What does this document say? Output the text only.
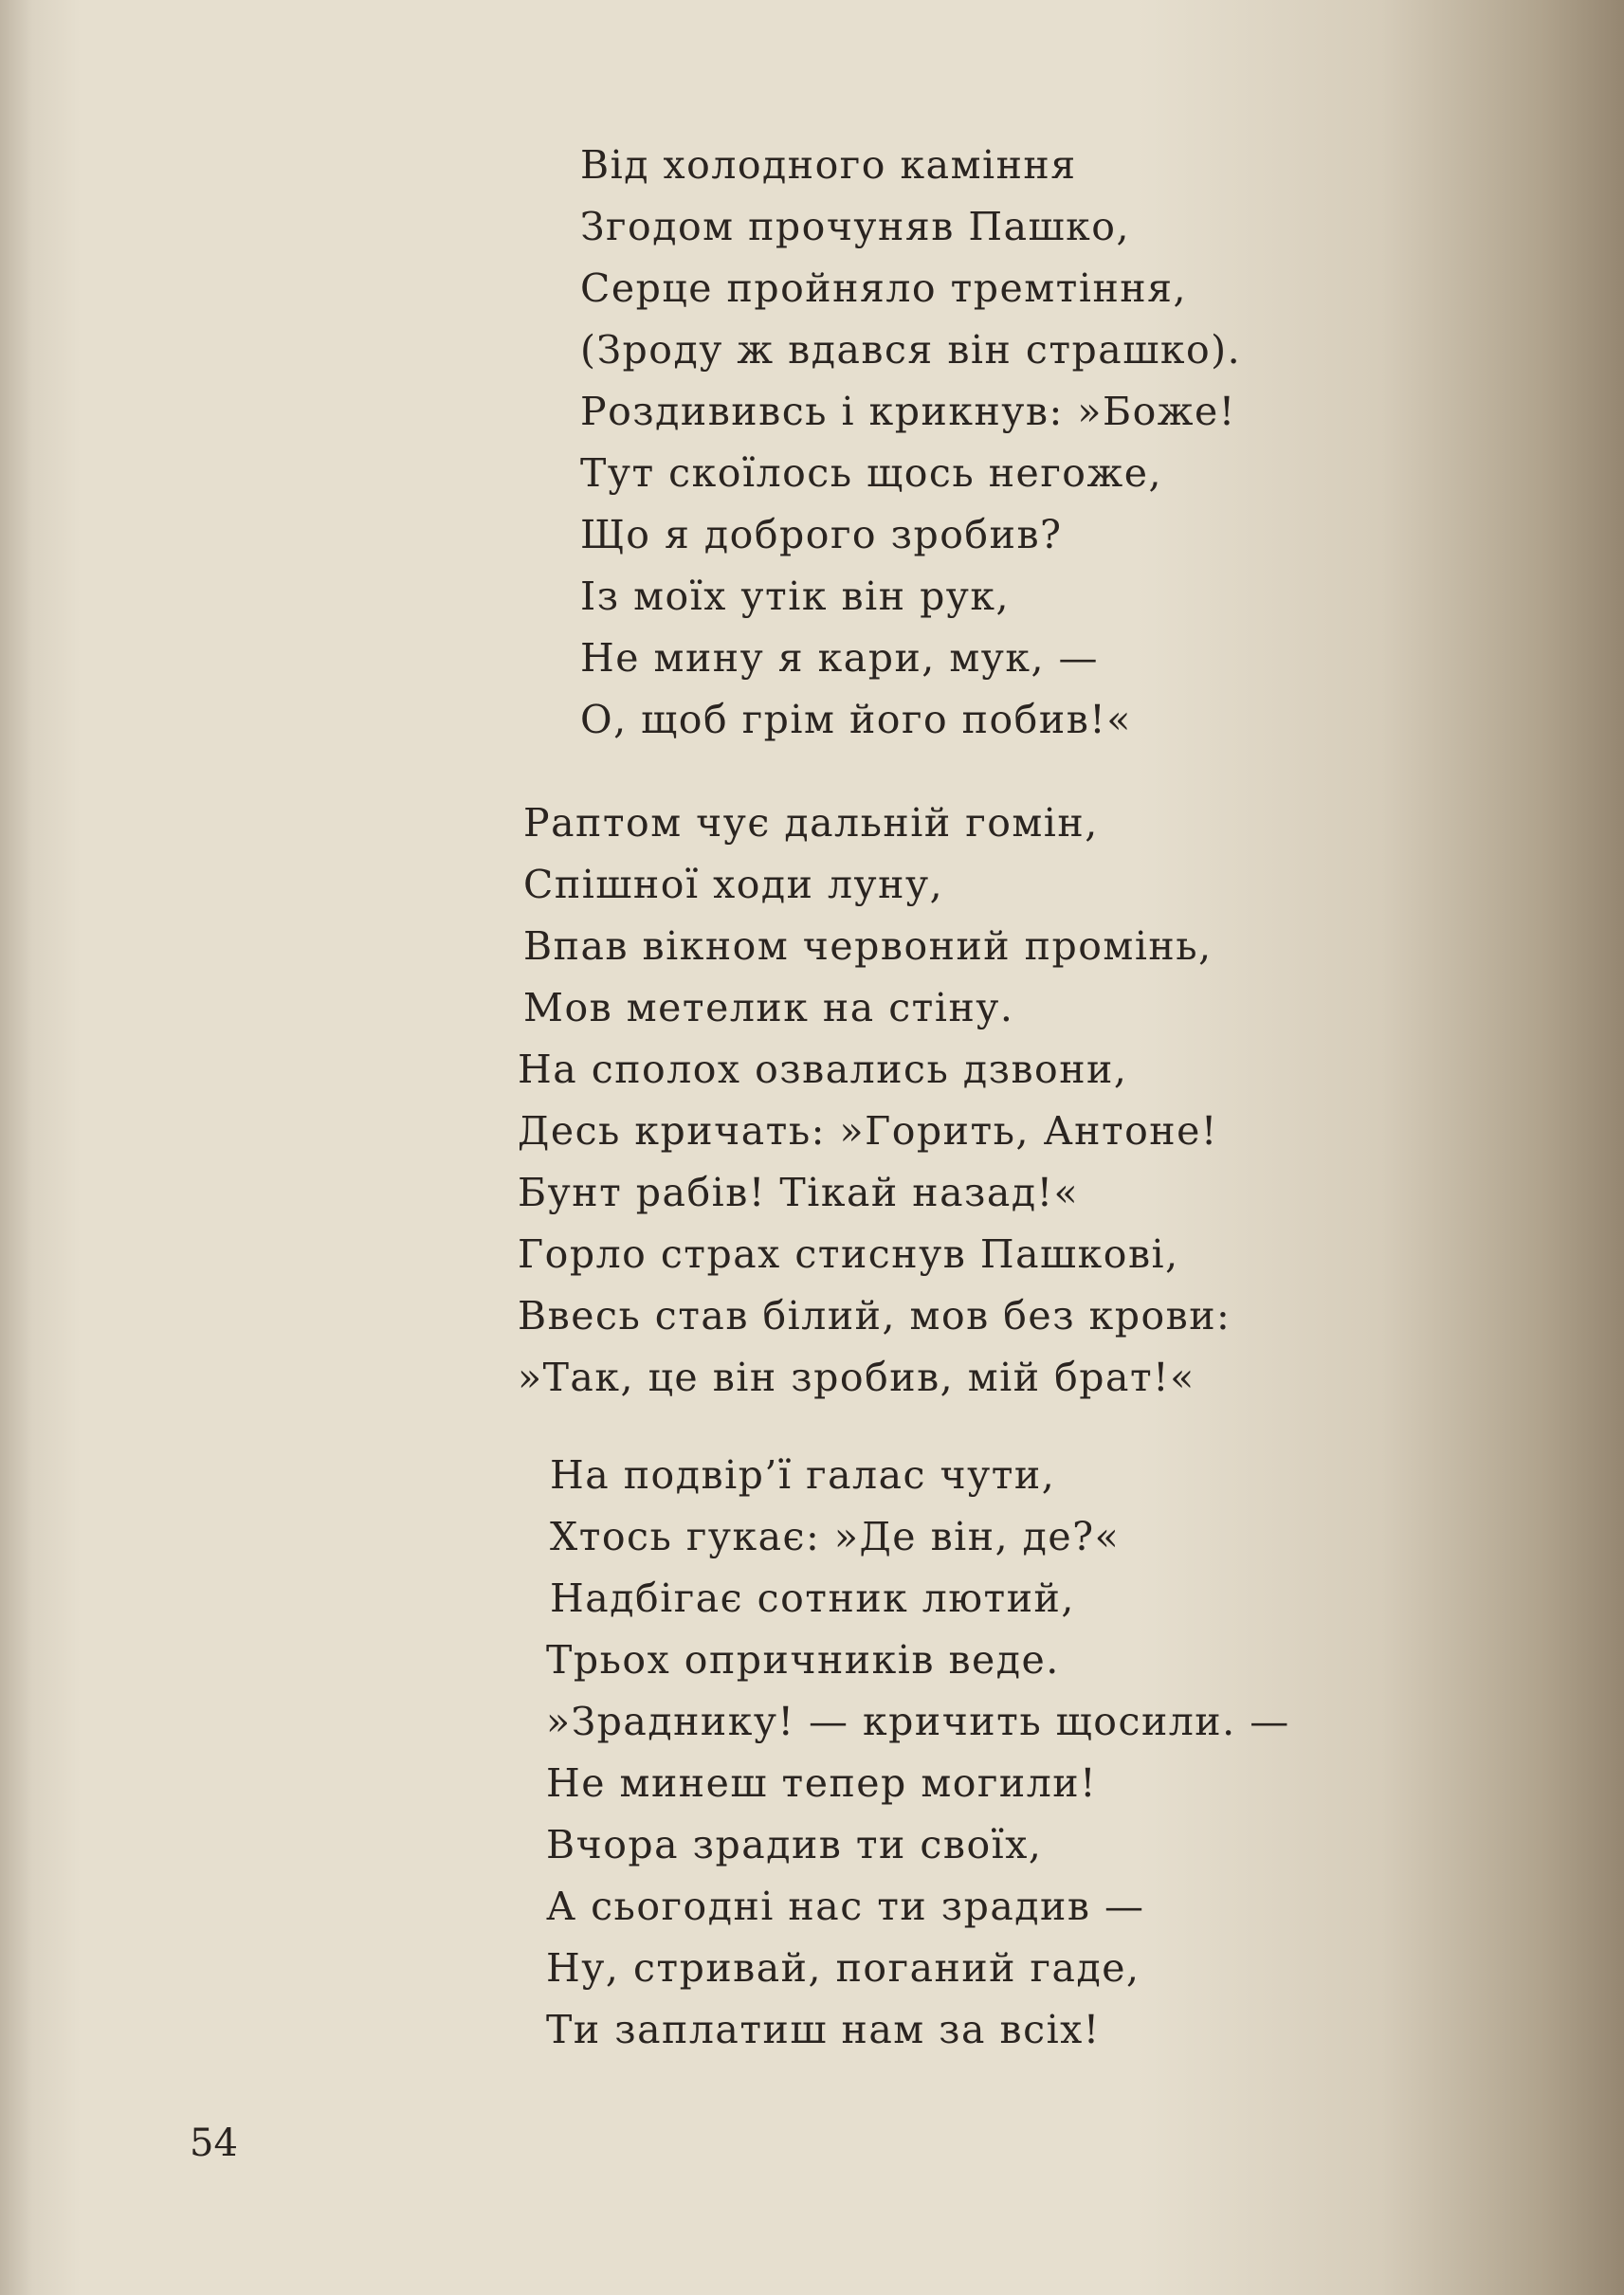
Від холодного каміння
Згодом прочуняв Пашко,
Серце пройняло тремтіння,
(Зроду ж вдався він страшко).
Роздививсь і крикнув: »Боже!
Тут скоїлось щось негоже,
Що я доброго зробив?
Із моїх утік він рук,
Не мину я кари, мук, —
О, щоб грім його побив!«
Раптом чує дальній гомін,
Спішної ходи луну,
Впав вікном червоний промінь,
Мов метелик на стіну.
На сполох озвались дзвони,
Десь кричать: »Горить, Антоне!
Бунт рабів! Тікай назад!«
Горло страх стиснув Пашкові,
Ввесь став білий, мов без крови:
»Так, це він зробив, мій брат!«
На подвір’ї галас чути,
Хтось гукає: »Де він, де?«
Надбігає сотник лютий,
Трьох опричників веде.
»Зраднику! — кричить щосили. —
Не минеш тепер могили!
Вчора зрадив ти своїх,
А сьогодні нас ти зрадив —
Ну, стривай, поганий гаде,
Ти заплатиш нам за всіх!
54
